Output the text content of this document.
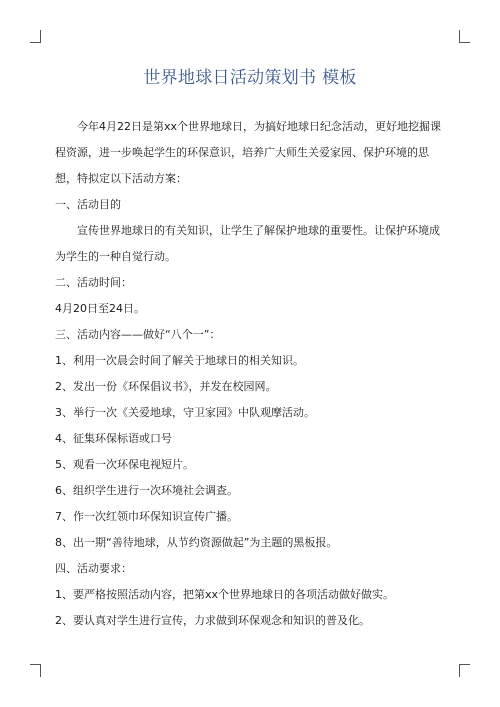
世界地球日活动策划书 模板

今年4月22日是第xx个世界地球日，为搞好地球日纪念活动，更好地挖掘课程资源，进一步唤起学生的环保意识，培养广大师生关爱家园、保护环境的思想，特拟定以下活动方案：

一、活动目的

宣传世界地球日的有关知识，让学生了解保护地球的重要性。让保护环境成为学生的一种自觉行动。

二、活动时间：

4月20日至24日。

三、活动内容——做好“八个一”：

1、利用一次晨会时间了解关于地球日的相关知识。

2、发出一份《环保倡议书》，并发在校园网。

3、举行一次《关爱地球，守卫家园》中队观摩活动。

4、征集环保标语或口号

5、观看一次环保电视短片。

6、组织学生进行一次环境社会调查。

7、作一次红领巾环保知识宣传广播。

8、出一期“善待地球，从节约资源做起”为主题的黑板报。

四、活动要求：

1、要严格按照活动内容，把第xx个世界地球日的各项活动做好做实。

2、要认真对学生进行宣传，力求做到环保观念和知识的普及化。
